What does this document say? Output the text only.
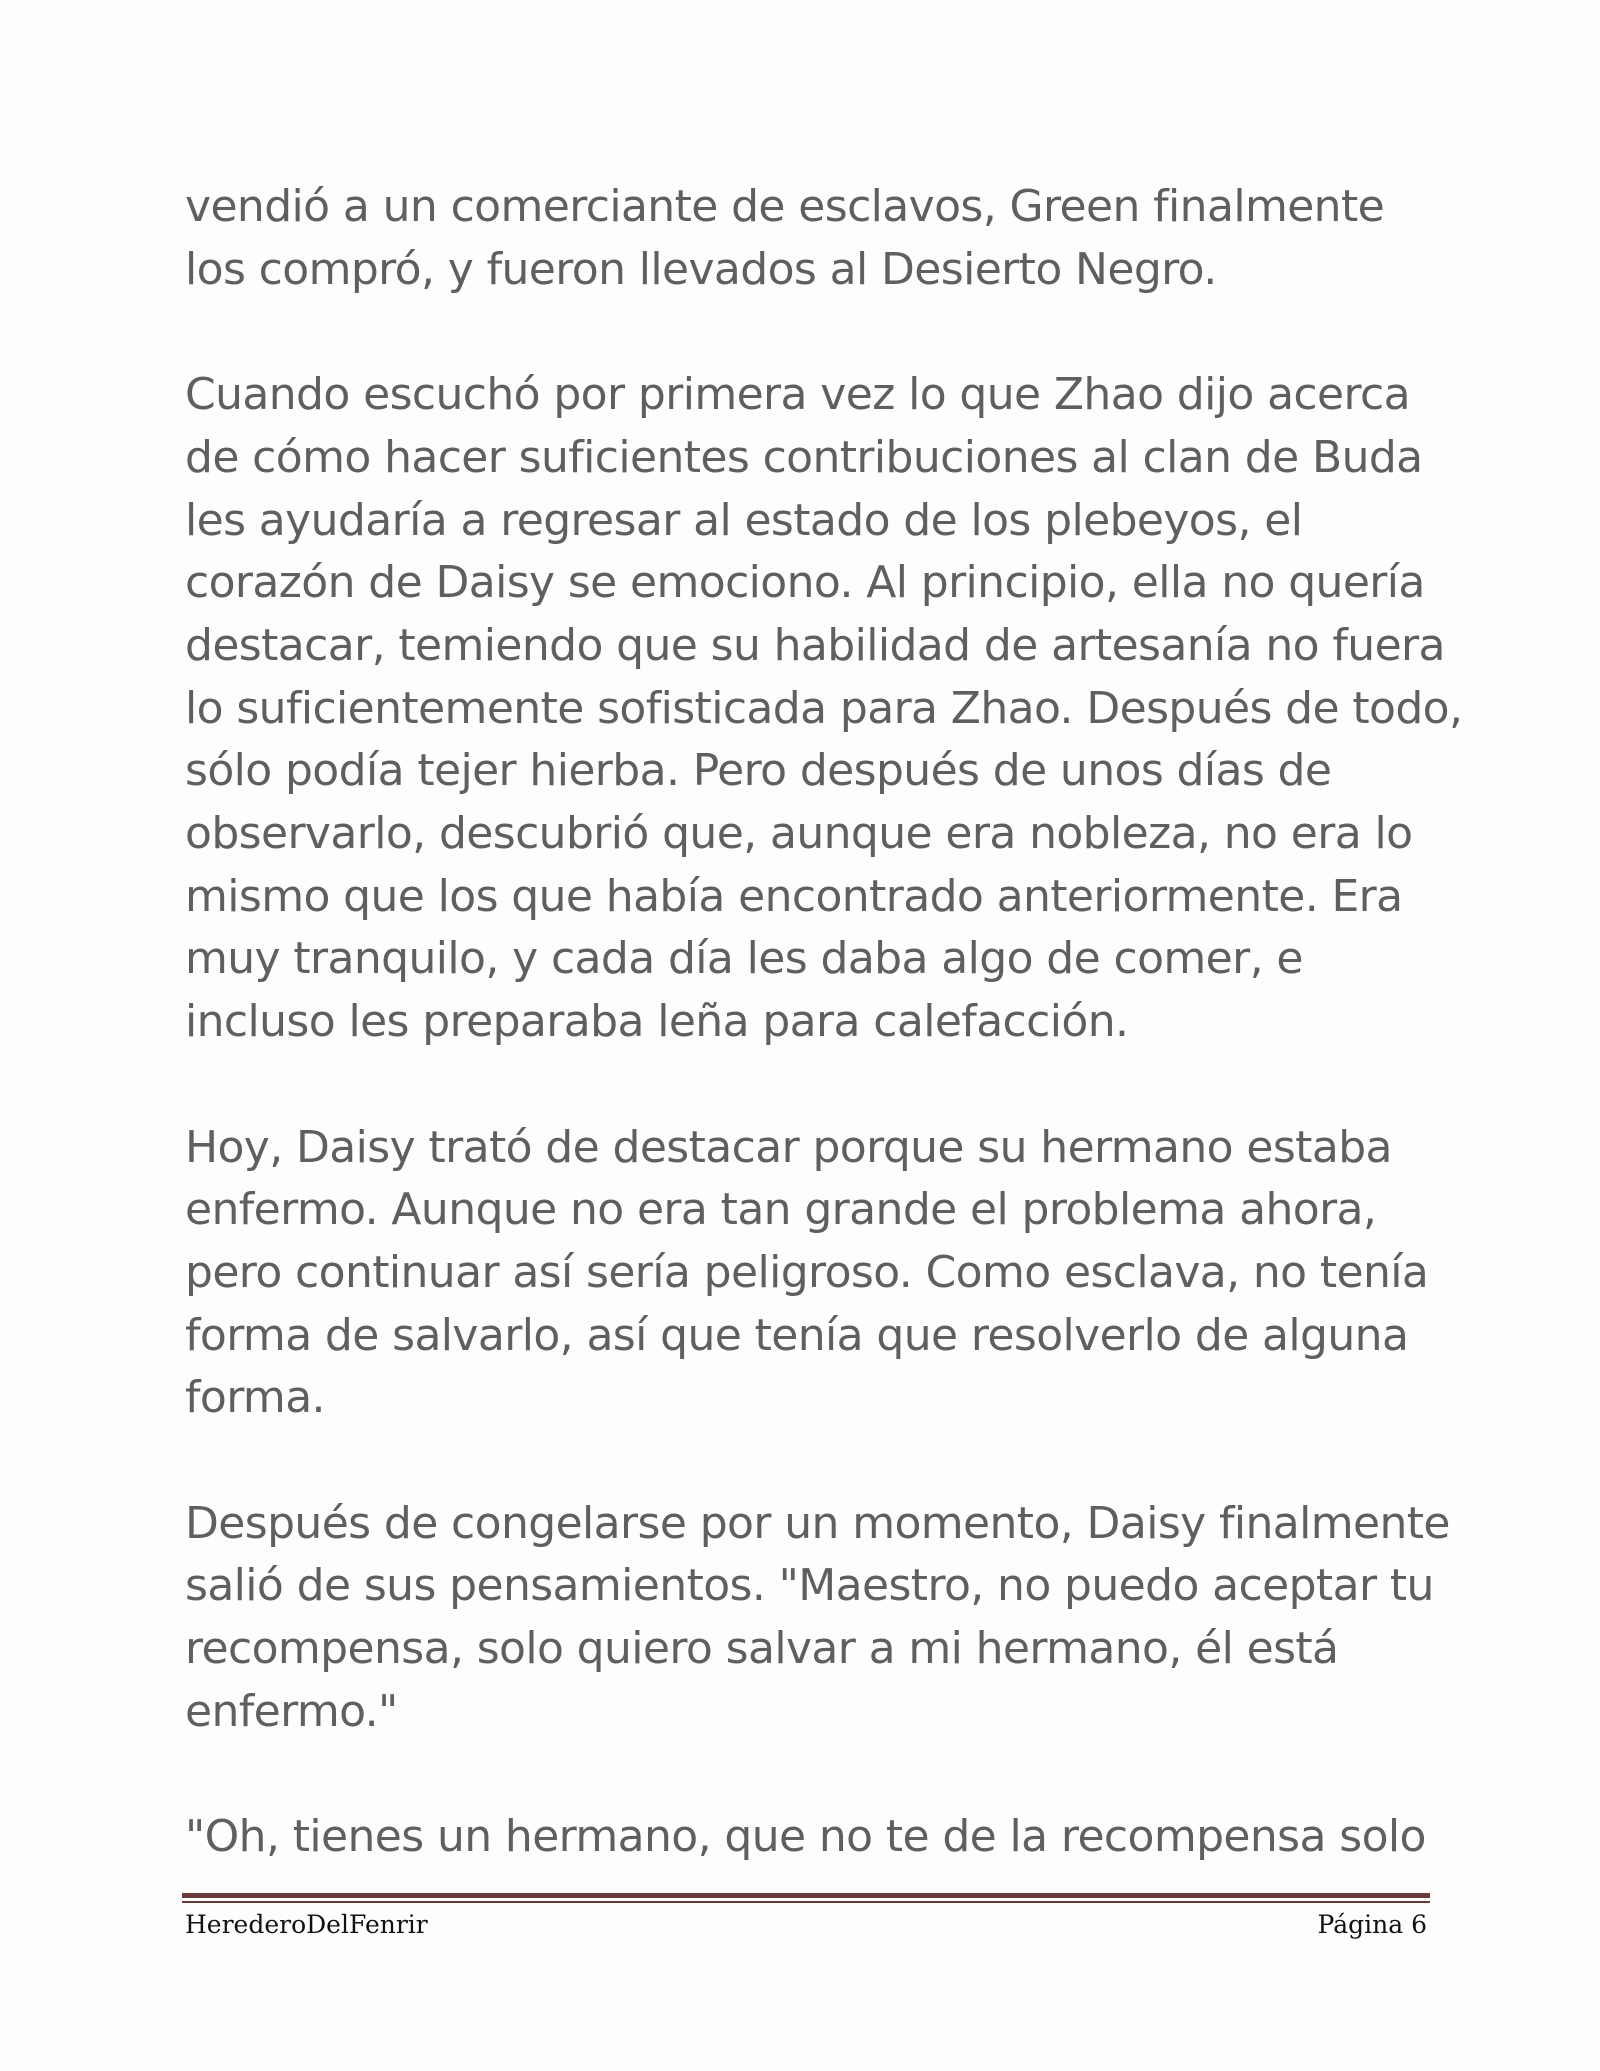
vendió a un comerciante de esclavos, Green finalmente
los compró, y fueron llevados al Desierto Negro.

Cuando escuchó por primera vez lo que Zhao dijo acerca
de cómo hacer suficientes contribuciones al clan de Buda
les ayudaría a regresar al estado de los plebeyos, el
corazón de Daisy se emociono. Al principio, ella no quería
destacar, temiendo que su habilidad de artesanía no fuera
lo suficientemente sofisticada para Zhao. Después de todo,
sólo podía tejer hierba. Pero después de unos días de
observarlo, descubrió que, aunque era nobleza, no era lo
mismo que los que había encontrado anteriormente. Era
muy tranquilo, y cada día les daba algo de comer, e
incluso les preparaba leña para calefacción.

Hoy, Daisy trató de destacar porque su hermano estaba
enfermo. Aunque no era tan grande el problema ahora,
pero continuar así sería peligroso. Como esclava, no tenía
forma de salvarlo, así que tenía que resolverlo de alguna
forma.

Después de congelarse por un momento, Daisy finalmente
salió de sus pensamientos. "Maestro, no puedo aceptar tu
recompensa, solo quiero salvar a mi hermano, él está
enfermo."

"Oh, tienes un hermano, que no te de la recompensa solo

HerederoDelFenrir	Página 6
